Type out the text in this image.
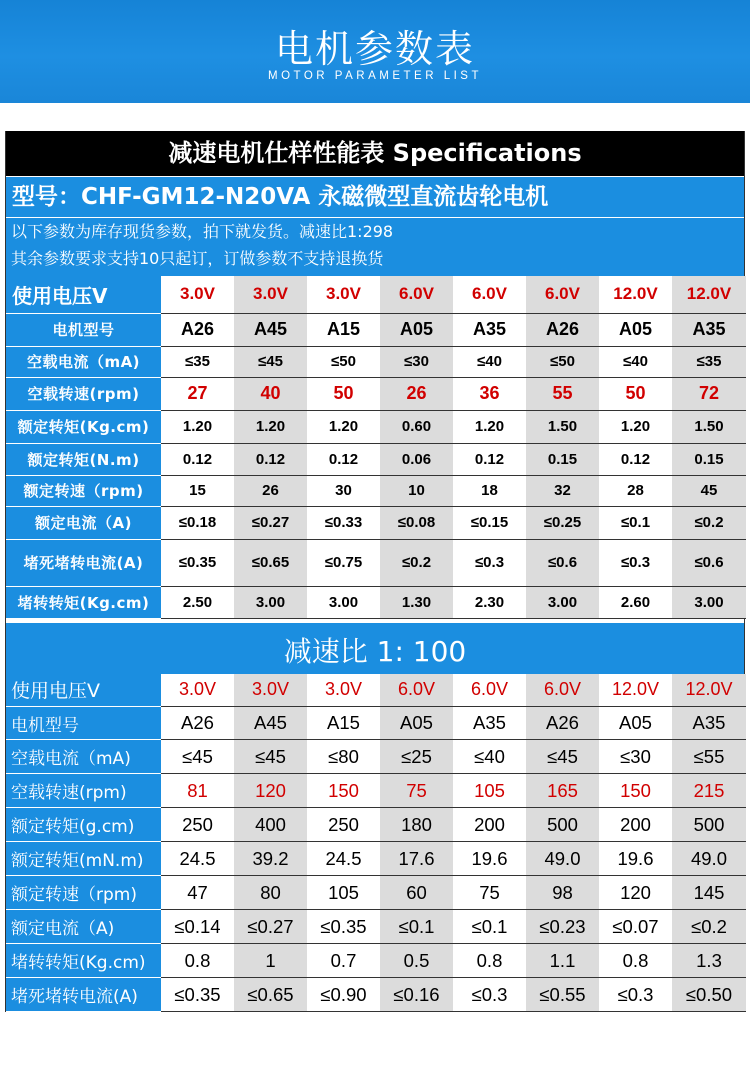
电机参数表
MOTOR PARAMETER LIST
减速电机仕样性能表 Specifications
型号：CHF-GM12-N20VA 永磁微型直流齿轮电机
以下参数为库存现货参数，拍下就发货。减速比1:298
其余参数要求支持10只起订，订做参数不支持退换货
使用电压V	3.0V	3.0V	3.0V	6.0V	6.0V	6.0V	12.0V	12.0V
电机型号	A26	A45	A15	A05	A35	A26	A05	A35
空载电流（mA)	≤35	≤45	≤50	≤30	≤40	≤50	≤40	≤35
空载转速(rpm)	27	40	50	26	36	55	50	72
额定转矩(Kg.cm)	1.20	1.20	1.20	0.60	1.20	1.50	1.20	1.50
额定转矩(N.m)	0.12	0.12	0.12	0.06	0.12	0.15	0.12	0.15
额定转速（rpm)	15	26	30	10	18	32	28	45
额定电流（A)	≤0.18	≤0.27	≤0.33	≤0.08	≤0.15	≤0.25	≤0.1	≤0.2
堵死堵转电流(A)	≤0.35	≤0.65	≤0.75	≤0.2	≤0.3	≤0.6	≤0.3	≤0.6
堵转转矩(Kg.cm)	2.50	3.00	3.00	1.30	2.30	3.00	2.60	3.00
减速比 1: 100
使用电压V	3.0V	3.0V	3.0V	6.0V	6.0V	6.0V	12.0V	12.0V
电机型号	A26	A45	A15	A05	A35	A26	A05	A35
空载电流（mA)	≤45	≤45	≤80	≤25	≤40	≤45	≤30	≤55
空载转速(rpm)	81	120	150	75	105	165	150	215
额定转矩(g.cm)	250	400	250	180	200	500	200	500
额定转矩(mN.m)	24.5	39.2	24.5	17.6	19.6	49.0	19.6	49.0
额定转速（rpm)	47	80	105	60	75	98	120	145
额定电流（A)	≤0.14	≤0.27	≤0.35	≤0.1	≤0.1	≤0.23	≤0.07	≤0.2
堵转转矩(Kg.cm)	0.8	1	0.7	0.5	0.8	1.1	0.8	1.3
堵死堵转电流(A)	≤0.35	≤0.65	≤0.90	≤0.16	≤0.3	≤0.55	≤0.3	≤0.50
